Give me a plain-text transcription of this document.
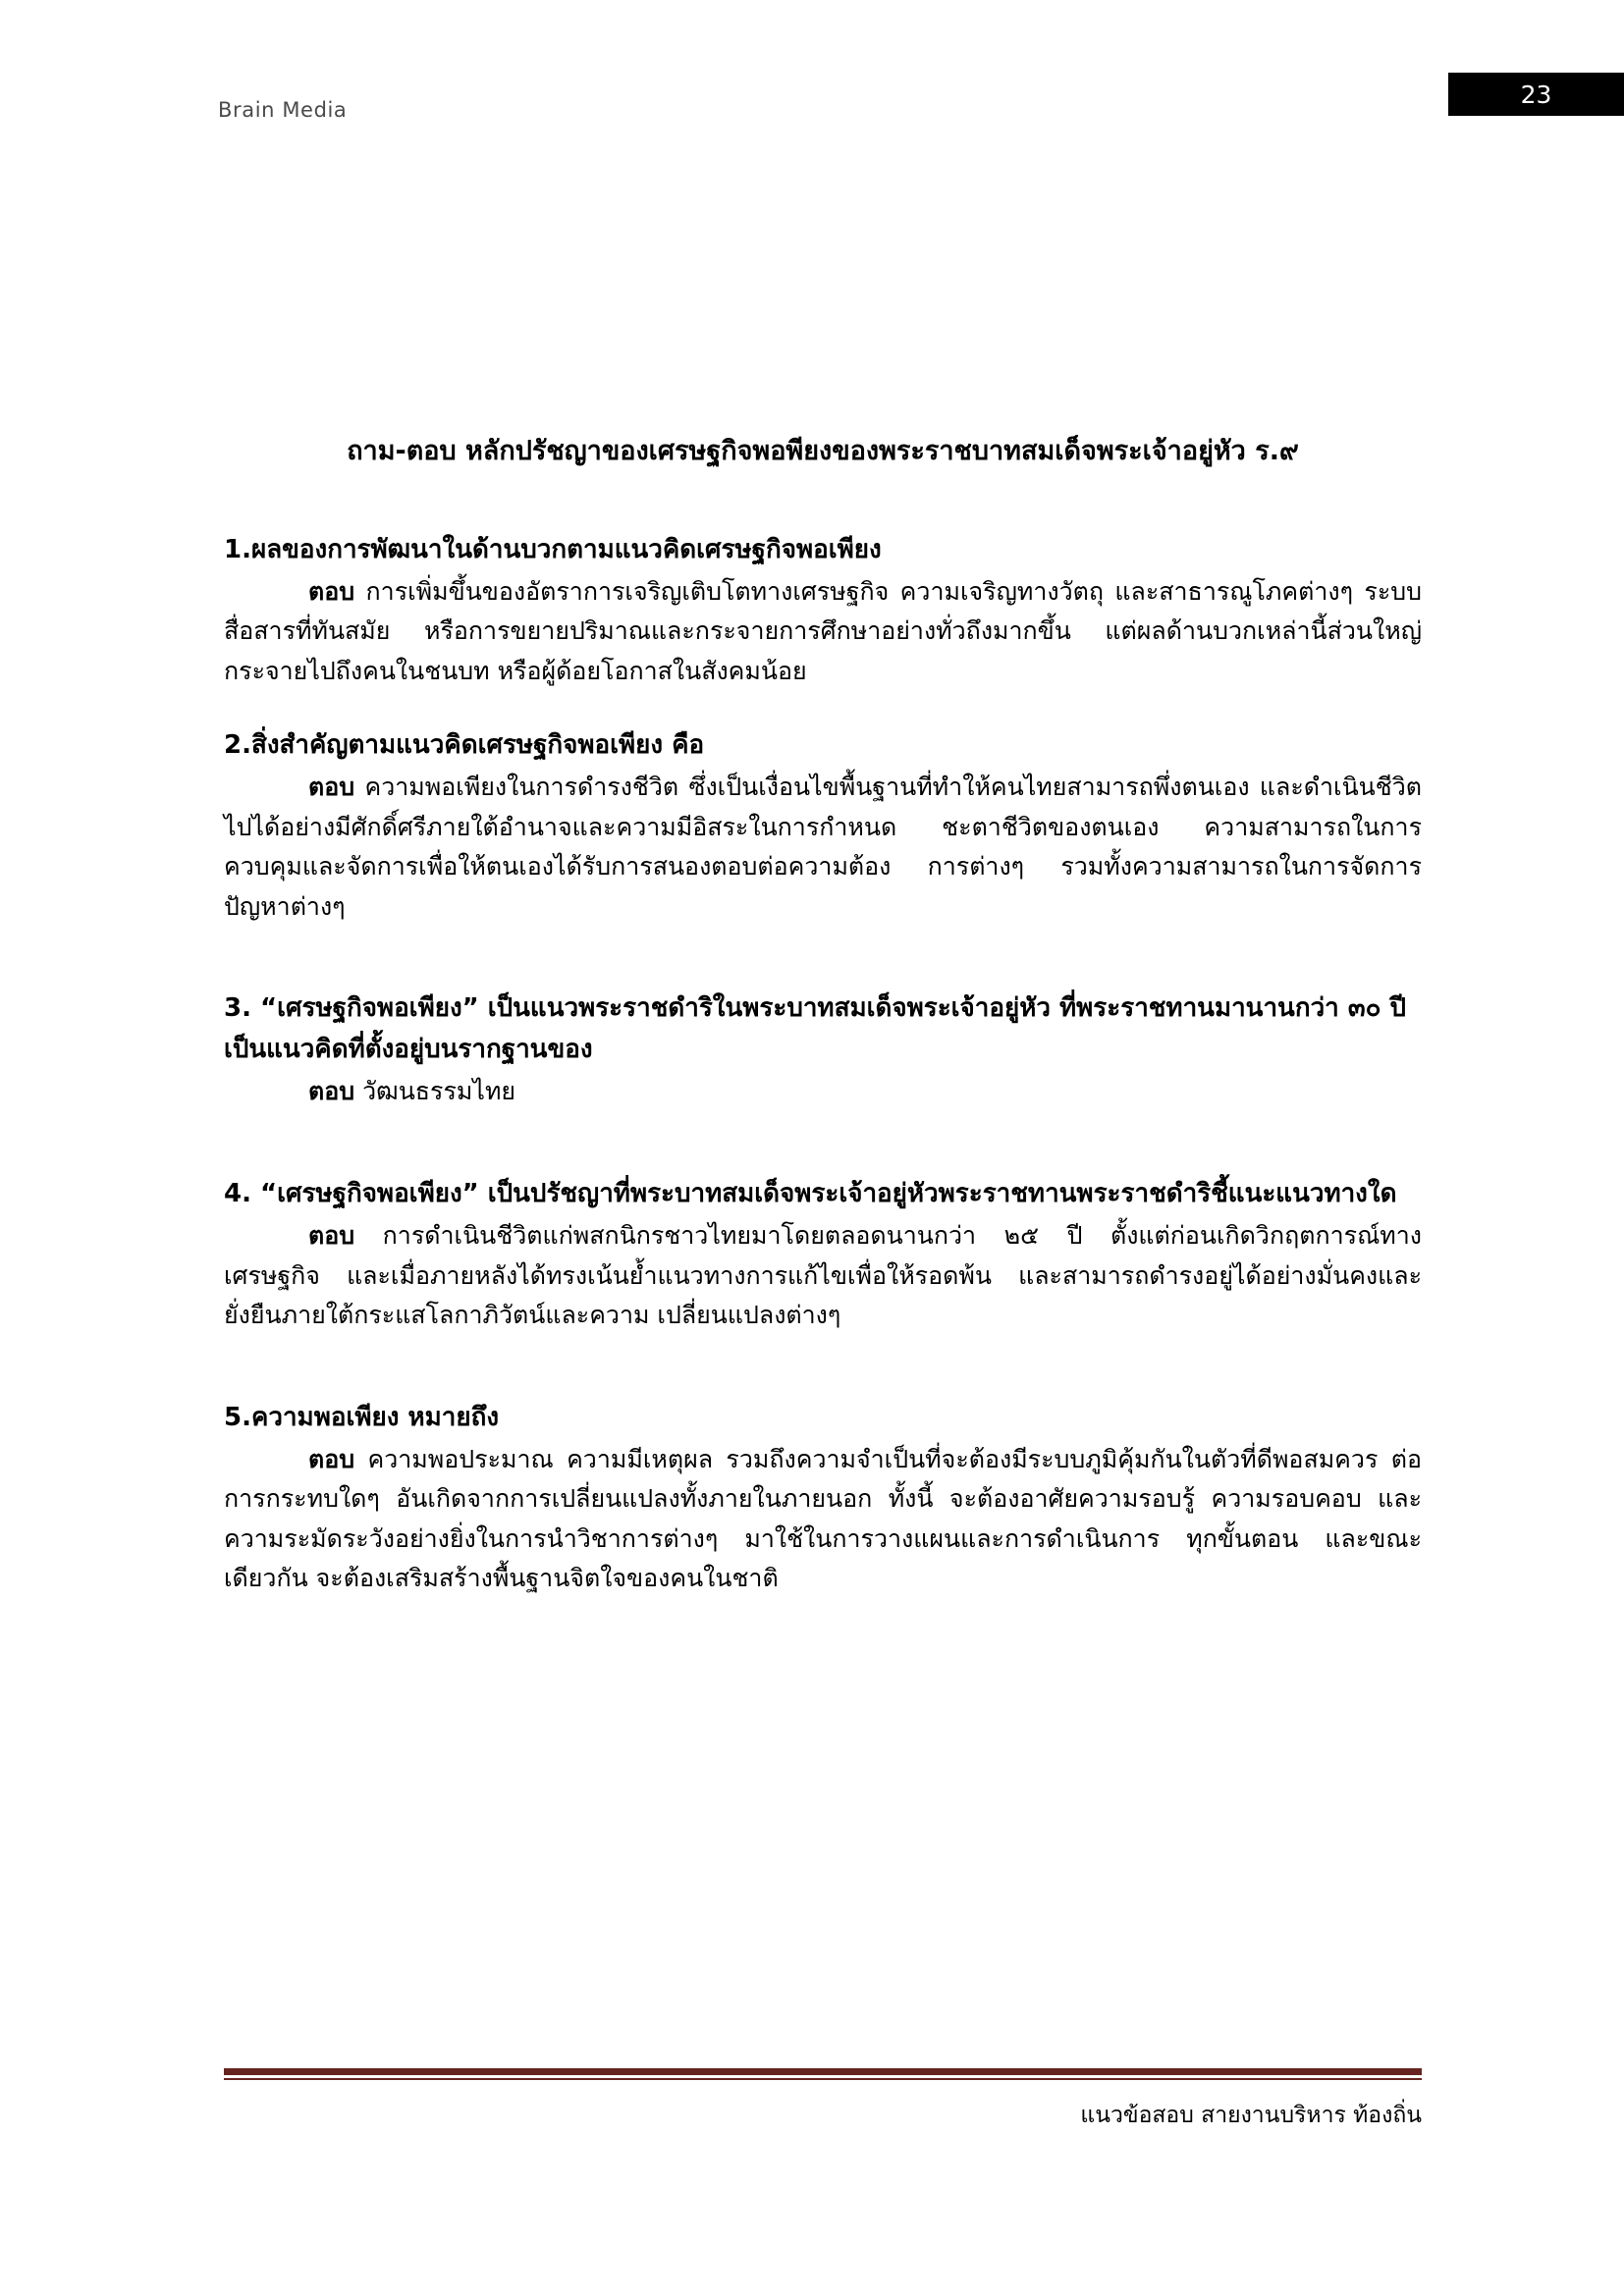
Brain Media
23
ถาม-ตอบ หลักปรัชญาของเศรษฐกิจพอพียงของพระราชบาทสมเด็จพระเจ้าอยู่หัว ร.๙

1.ผลของการพัฒนาในด้านบวกตามแนวคิดเศรษฐกิจพอเพียง

ตอบ การเพิ่มขึ้นของอัตราการเจริญเติบโตทางเศรษฐกิจ ความเจริญทางวัตถุ และสาธารณูโภคต่างๆ ระบบสื่อสารที่ทันสมัย หรือการขยายปริมาณและกระจายการศึกษาอย่างทั่วถึงมากขึ้น แต่ผลด้านบวกเหล่านี้ส่วนใหญ่กระจายไปถึงคนในชนบท หรือผู้ด้อยโอกาสในสังคมน้อย

2.สิ่งสำคัญตามแนวคิดเศรษฐกิจพอเพียง คือ

ตอบ ความพอเพียงในการดำรงชีวิต ซึ่งเป็นเงื่อนไขพื้นฐานที่ทำให้คนไทยสามารถพึ่งตนเอง และดำเนินชีวิตไปได้อย่างมีศักดิ์ศรีภายใต้อำนาจและความมีอิสระในการกำหนด ชะตาชีวิตของตนเอง ความสามารถในการควบคุมและจัดการเพื่อให้ตนเองได้รับการสนองตอบต่อความต้อง การต่างๆ รวมทั้งความสามารถในการจัดการปัญหาต่างๆ

3. “เศรษฐกิจพอเพียง” เป็นแนวพระราชดำริในพระบาทสมเด็จพระเจ้าอยู่หัว ที่พระราชทานมานานกว่า ๓๐ ปี เป็นแนวคิดที่ตั้งอยู่บนรากฐานของ

ตอบ วัฒนธรรมไทย

4. “เศรษฐกิจพอเพียง” เป็นปรัชญาที่พระบาทสมเด็จพระเจ้าอยู่หัวพระราชทานพระราชดำริชี้แนะแนวทางใด

ตอบ การดำเนินชีวิตแก่พสกนิกรชาวไทยมาโดยตลอดนานกว่า ๒๕ ปี ตั้งแต่ก่อนเกิดวิกฤตการณ์ทางเศรษฐกิจ และเมื่อภายหลังได้ทรงเน้นย้ำแนวทางการแก้ไขเพื่อให้รอดพ้น และสามารถดำรงอยู่ได้อย่างมั่นคงและยั่งยืนภายใต้กระแสโลกาภิวัตน์และความ เปลี่ยนแปลงต่างๆ

5.ความพอเพียง หมายถึง

ตอบ ความพอประมาณ ความมีเหตุผล รวมถึงความจำเป็นที่จะต้องมีระบบภูมิคุ้มกันในตัวที่ดีพอสมควร ต่อการกระทบใดๆ อันเกิดจากการเปลี่ยนแปลงทั้งภายในภายนอก ทั้งนี้ จะต้องอาศัยความรอบรู้ ความรอบคอบ และความระมัดระวังอย่างยิ่งในการนำวิชาการต่างๆ มาใช้ในการวางแผนและการดำเนินการ ทุกขั้นตอน และขณะเดียวกัน จะต้องเสริมสร้างพื้นฐานจิตใจของคนในชาติ

แนวข้อสอบ สายงานบริหาร ท้องถิ่น
